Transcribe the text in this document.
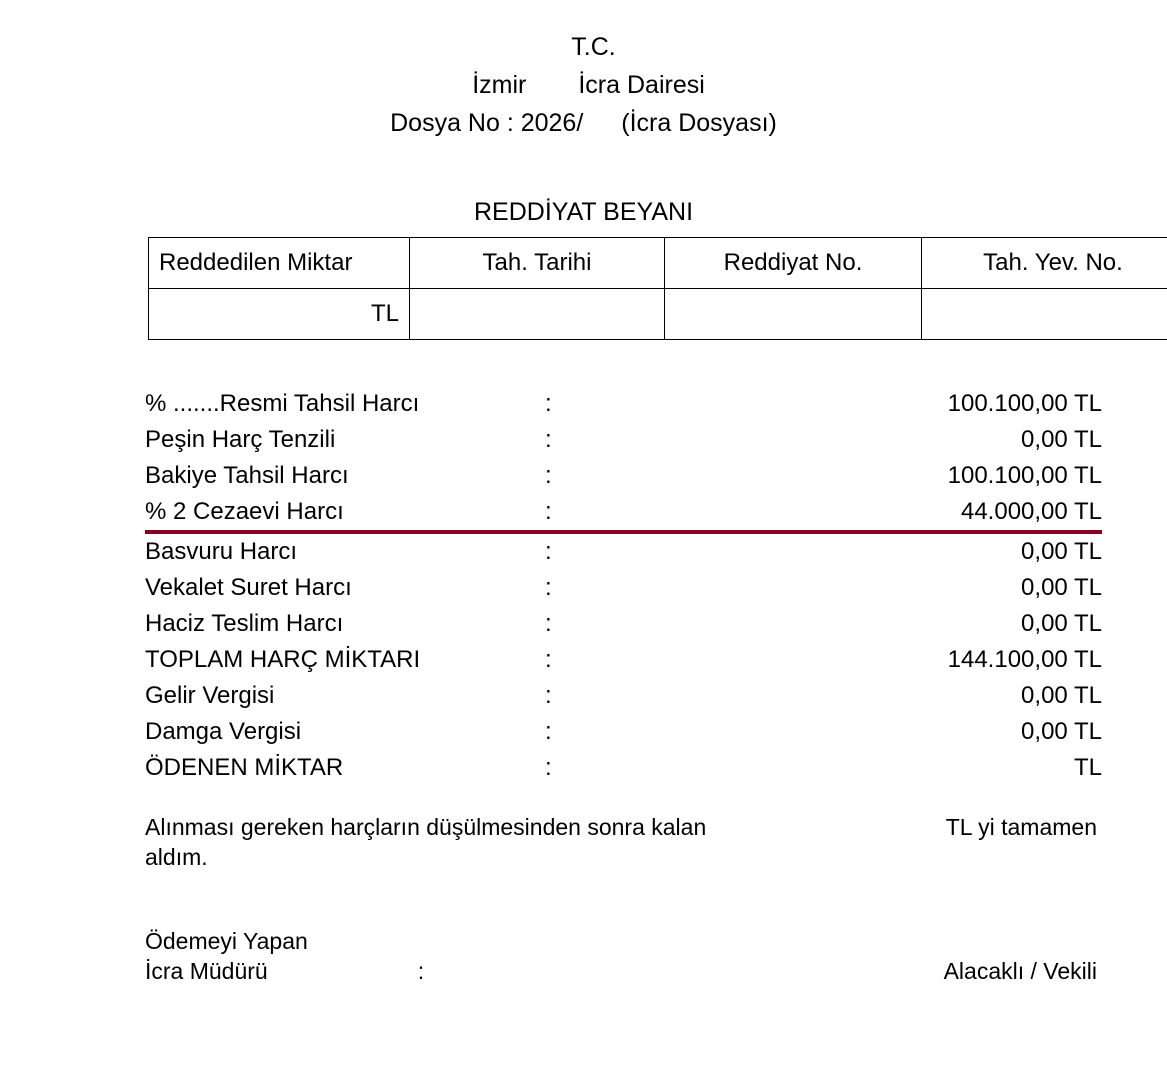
T.C.
İzmir İcra Dairesi
Dosya No : 2026/ (İcra Dosyası)
REDDİYAT BEYANI
Reddedilen Miktar	Tah. Tarihi	Reddiyat No.	Tah. Yev. No.
TL			
% .......Resmi Tahsil Harcı	:	100.100,00 TL
Peşin Harç Tenzili	:	0,00 TL
Bakiye Tahsil Harcı	:	100.100,00 TL
% 2 Cezaevi Harcı	:	44.000,00 TL
Basvuru Harcı	:	0,00 TL
Vekalet Suret Harcı	:	0,00 TL
Haciz Teslim Harcı	:	0,00 TL
TOPLAM HARÇ MİKTARI	:	144.100,00 TL
Gelir Vergisi	:	0,00 TL
Damga Vergisi	:	0,00 TL
ÖDENEN MİKTAR	:	TL
Alınması gereken harçların düşülmesinden sonra kalan
aldım.
TL yi tamamen
Ödemeyi Yapan
İcra Müdürü	:	Alacaklı / Vekili
